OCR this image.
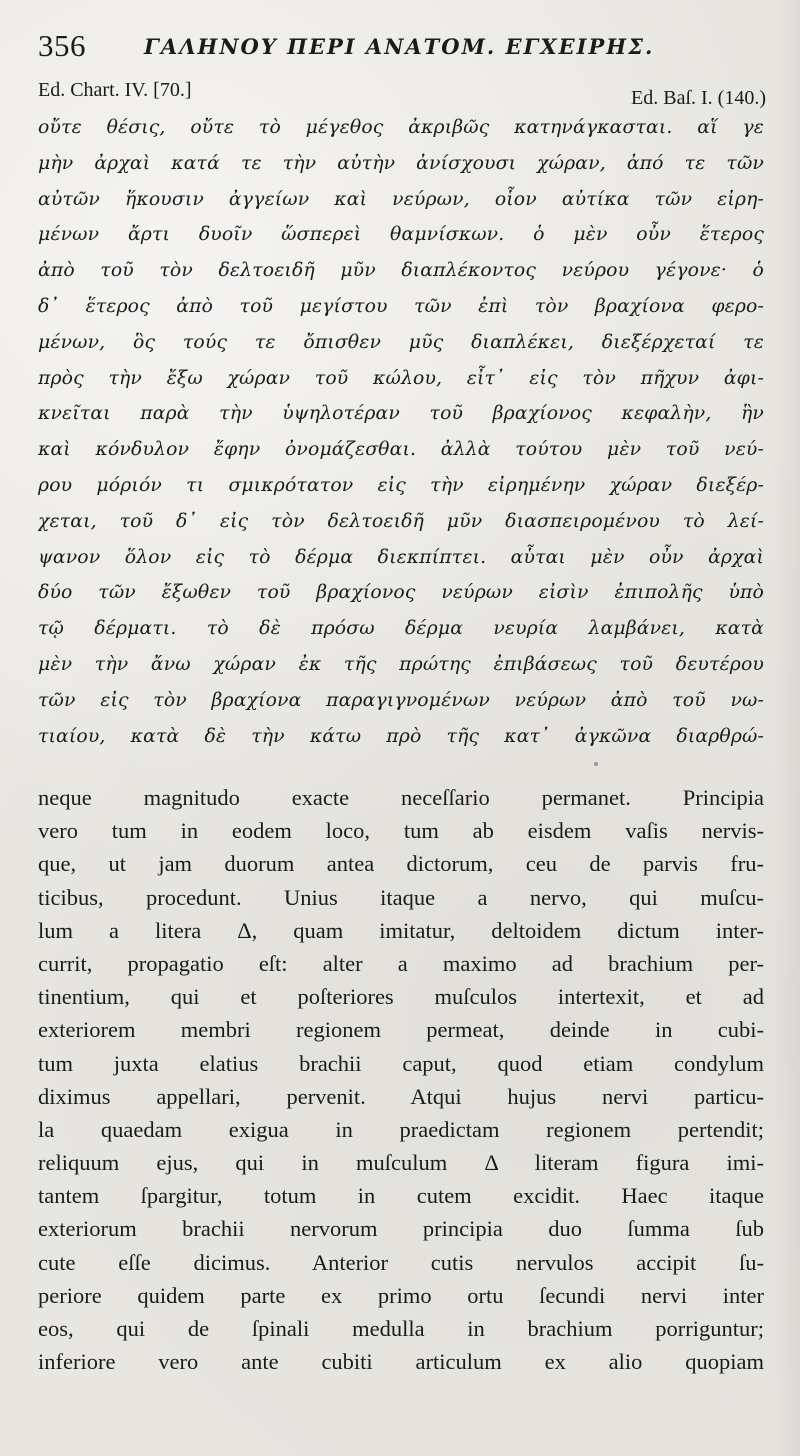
356	ΓΑΛΗΝΟΥ ΠΕΡΙ ΑΝΑΤΟΜ. ΕΓΧΕΙΡΗΣ.
Ed. Chart. IV. [70.]	Ed. Baſ. I. (140.)
οὔτε θέσις, οὔτε τὸ μέγεθος ἀκριβῶς κατηνάγκασται. αἵ γε
μὴν ἀρχαὶ κατά τε τὴν αὐτὴν ἀνίσχουσι χώραν, ἀπό τε τῶν
αὐτῶν ἥκουσιν ἀγγείων καὶ νεύρων, οἷον αὐτίκα τῶν εἰρη-
μένων ἄρτι δυοῖν ὥσπερεὶ θαμνίσκων. ὁ μὲν οὖν ἕτερος
ἀπὸ τοῦ τὸν δελτοειδῆ μῦν διαπλέκοντος νεύρου γέγονε· ὁ
δ᾽ ἕτερος ἀπὸ τοῦ μεγίστου τῶν ἐπὶ τὸν βραχίονα φερο-
μένων, ὃς τούς τε ὄπισθεν μῦς διαπλέκει, διεξέρχεταί τε
πρὸς τὴν ἔξω χώραν τοῦ κώλου, εἶτ᾽ εἰς τὸν πῆχυν ἀφι-
κνεῖται παρὰ τὴν ὑψηλοτέραν τοῦ βραχίονος κεφαλὴν, ἣν
καὶ κόνδυλον ἔφην ὀνομάζεσθαι. ἀλλὰ τούτου μὲν τοῦ νεύ-
ρου μόριόν τι σμικρότατον εἰς τὴν εἰρημένην χώραν διεξέρ-
χεται, τοῦ δ᾽ εἰς τὸν δελτοειδῆ μῦν διασπειρομένου τὸ λεί-
ψανον ὅλον εἰς τὸ δέρμα διεκπίπτει. αὗται μὲν οὖν ἀρχαὶ
δύο τῶν ἔξωθεν τοῦ βραχίονος νεύρων εἰσὶν ἐπιπολῆς ὑπὸ
τῷ δέρματι. τὸ δὲ πρόσω δέρμα νευρία λαμβάνει, κατὰ
μὲν τὴν ἄνω χώραν ἐκ τῆς πρώτης ἐπιβάσεως τοῦ δευτέρου
τῶν εἰς τὸν βραχίονα παραγιγνομένων νεύρων ἀπὸ τοῦ νω-
τιαίου, κατὰ δὲ τὴν κάτω πρὸ τῆς κατ᾽ ἀγκῶνα διαρθρώ-
neque magnitudo exacte neceſſario permanet. Principia
vero tum in eodem loco, tum ab eisdem vaſis nervis-
que, ut jam duorum antea dictorum, ceu de parvis fru-
ticibus, procedunt. Unius itaque a nervo, qui muſcu-
lum a litera Δ, quam imitatur, deltoidem dictum inter-
currit, propagatio eſt: alter a maximo ad brachium per-
tinentium, qui et poſteriores muſculos intertexit, et ad
exteriorem membri regionem permeat, deinde in cubi-
tum juxta elatius brachii caput, quod etiam condylum
diximus appellari, pervenit. Atqui hujus nervi particu-
la quaedam exigua in praedictam regionem pertendit;
reliquum ejus, qui in muſculum Δ literam figura imi-
tantem ſpargitur, totum in cutem excidit. Haec itaque
exteriorum brachii nervorum principia duo ſumma ſub
cute eſſe dicimus. Anterior cutis nervulos accipit ſu-
periore quidem parte ex primo ortu ſecundi nervi inter
eos, qui de ſpinali medulla in brachium porriguntur;
inferiore vero ante cubiti articulum ex alio quopiam
